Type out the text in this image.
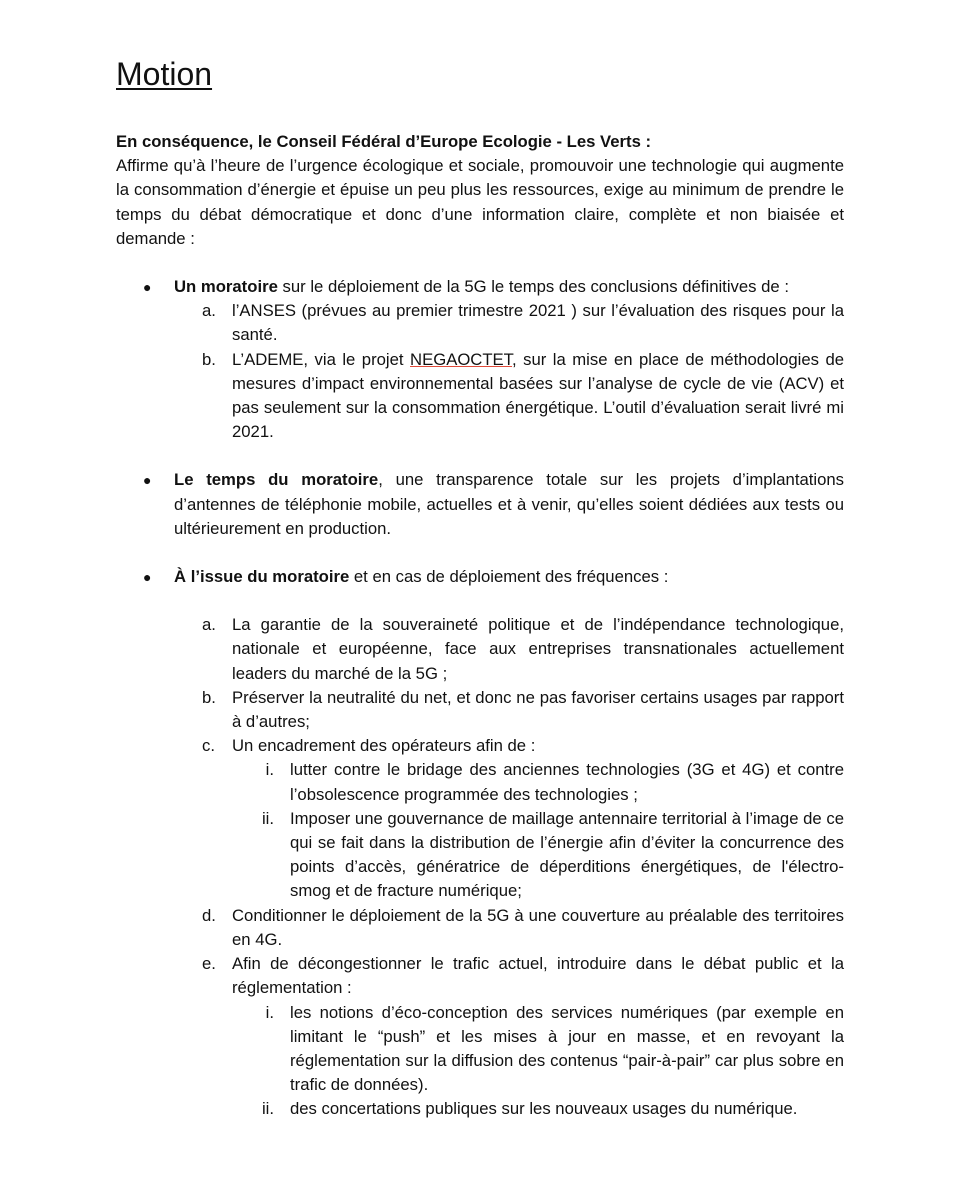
Motion

En conséquence, le Conseil Fédéral d’Europe Ecologie - Les Verts :

Affirme qu’à l’heure de l’urgence écologique et sociale, promouvoir une technologie qui augmente la consommation d’énergie et épuise un peu plus les ressources, exige au minimum de prendre le temps du débat démocratique et donc d’une information claire, complète et non biaisée et demande :

● Un moratoire sur le déploiement de la 5G le temps des conclusions définitives de :

a. l’ANSES (prévues au premier trimestre 2021 ) sur l’évaluation des risques pour la santé.

b. L’ADEME, via le projet NEGAOCTET, sur la mise en place de méthodologies de mesures d’impact environnemental basées sur l’analyse de cycle de vie (ACV) et pas seulement sur la consommation énergétique. L’outil d’évaluation serait livré mi 2021.

● Le temps du moratoire, une transparence totale sur les projets d’implantations d’antennes de téléphonie mobile, actuelles et à venir, qu’elles soient dédiées aux tests ou ultérieurement en production.

● À l’issue du moratoire et en cas de déploiement des fréquences :

a. La garantie de la souveraineté politique et de l’indépendance technologique, nationale et européenne, face aux entreprises transnationales actuellement leaders du marché de la 5G ;

b. Préserver la neutralité du net, et donc ne pas favoriser certains usages par rapport à d’autres;

c. Un encadrement des opérateurs afin de :

i. lutter contre le bridage des anciennes technologies (3G et 4G) et contre l’obsolescence programmée des technologies ;

ii. Imposer une gouvernance de maillage antennaire territorial à l’image de ce qui se fait dans la distribution de l’énergie afin d’éviter la concurrence des points d’accès, génératrice de déperditions énergétiques, de l'électro-smog et de fracture numérique;

d. Conditionner le déploiement de la 5G à une couverture au préalable des territoires en 4G.

e. Afin de décongestionner le trafic actuel, introduire dans le débat public et la réglementation :

i. les notions d’éco-conception des services numériques (par exemple en limitant le “push” et les mises à jour en masse, et en revoyant la réglementation sur la diffusion des contenus “pair-à-pair” car plus sobre en trafic de données).

ii. des concertations publiques sur les nouveaux usages du numérique.
